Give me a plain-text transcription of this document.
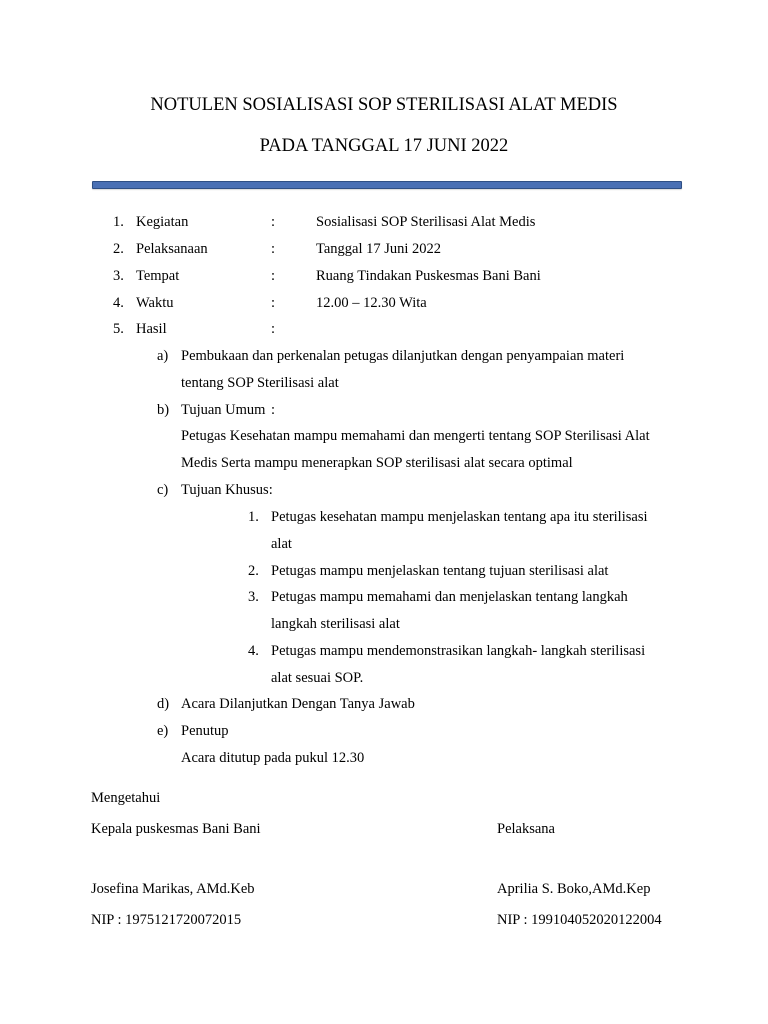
NOTULEN SOSIALISASI SOP STERILISASI ALAT MEDIS
PADA TANGGAL 17 JUNI 2022
1. Kegiatan	:	Sosialisasi SOP Sterilisasi Alat Medis
2. Pelaksanaan	:	Tanggal 17 Juni 2022
3. Tempat	:	Ruang Tindakan Puskesmas Bani Bani
4. Waktu	:	12.00 – 12.30 Wita
5. Hasil	:
a) Pembukaan dan perkenalan petugas dilanjutkan dengan penyampaian materi
tentang SOP Sterilisasi alat
b) Tujuan Umum :
Petugas Kesehatan mampu memahami dan mengerti tentang SOP Sterilisasi Alat
Medis Serta mampu menerapkan SOP sterilisasi alat secara optimal
c) Tujuan Khusus:
1. Petugas kesehatan mampu menjelaskan tentang apa itu sterilisasi
alat
2. Petugas mampu menjelaskan tentang tujuan sterilisasi alat
3. Petugas mampu memahami dan menjelaskan tentang langkah
langkah sterilisasi alat
4. Petugas mampu mendemonstrasikan langkah- langkah sterilisasi
alat sesuai SOP.
d) Acara Dilanjutkan Dengan Tanya Jawab
e) Penutup
Acara ditutup pada pukul 12.30
Mengetahui
Kepala puskesmas Bani Bani	Pelaksana
Josefina Marikas, AMd.Keb	Aprilia S. Boko,AMd.Kep
NIP : 1975121720072015	NIP : 199104052020122004
